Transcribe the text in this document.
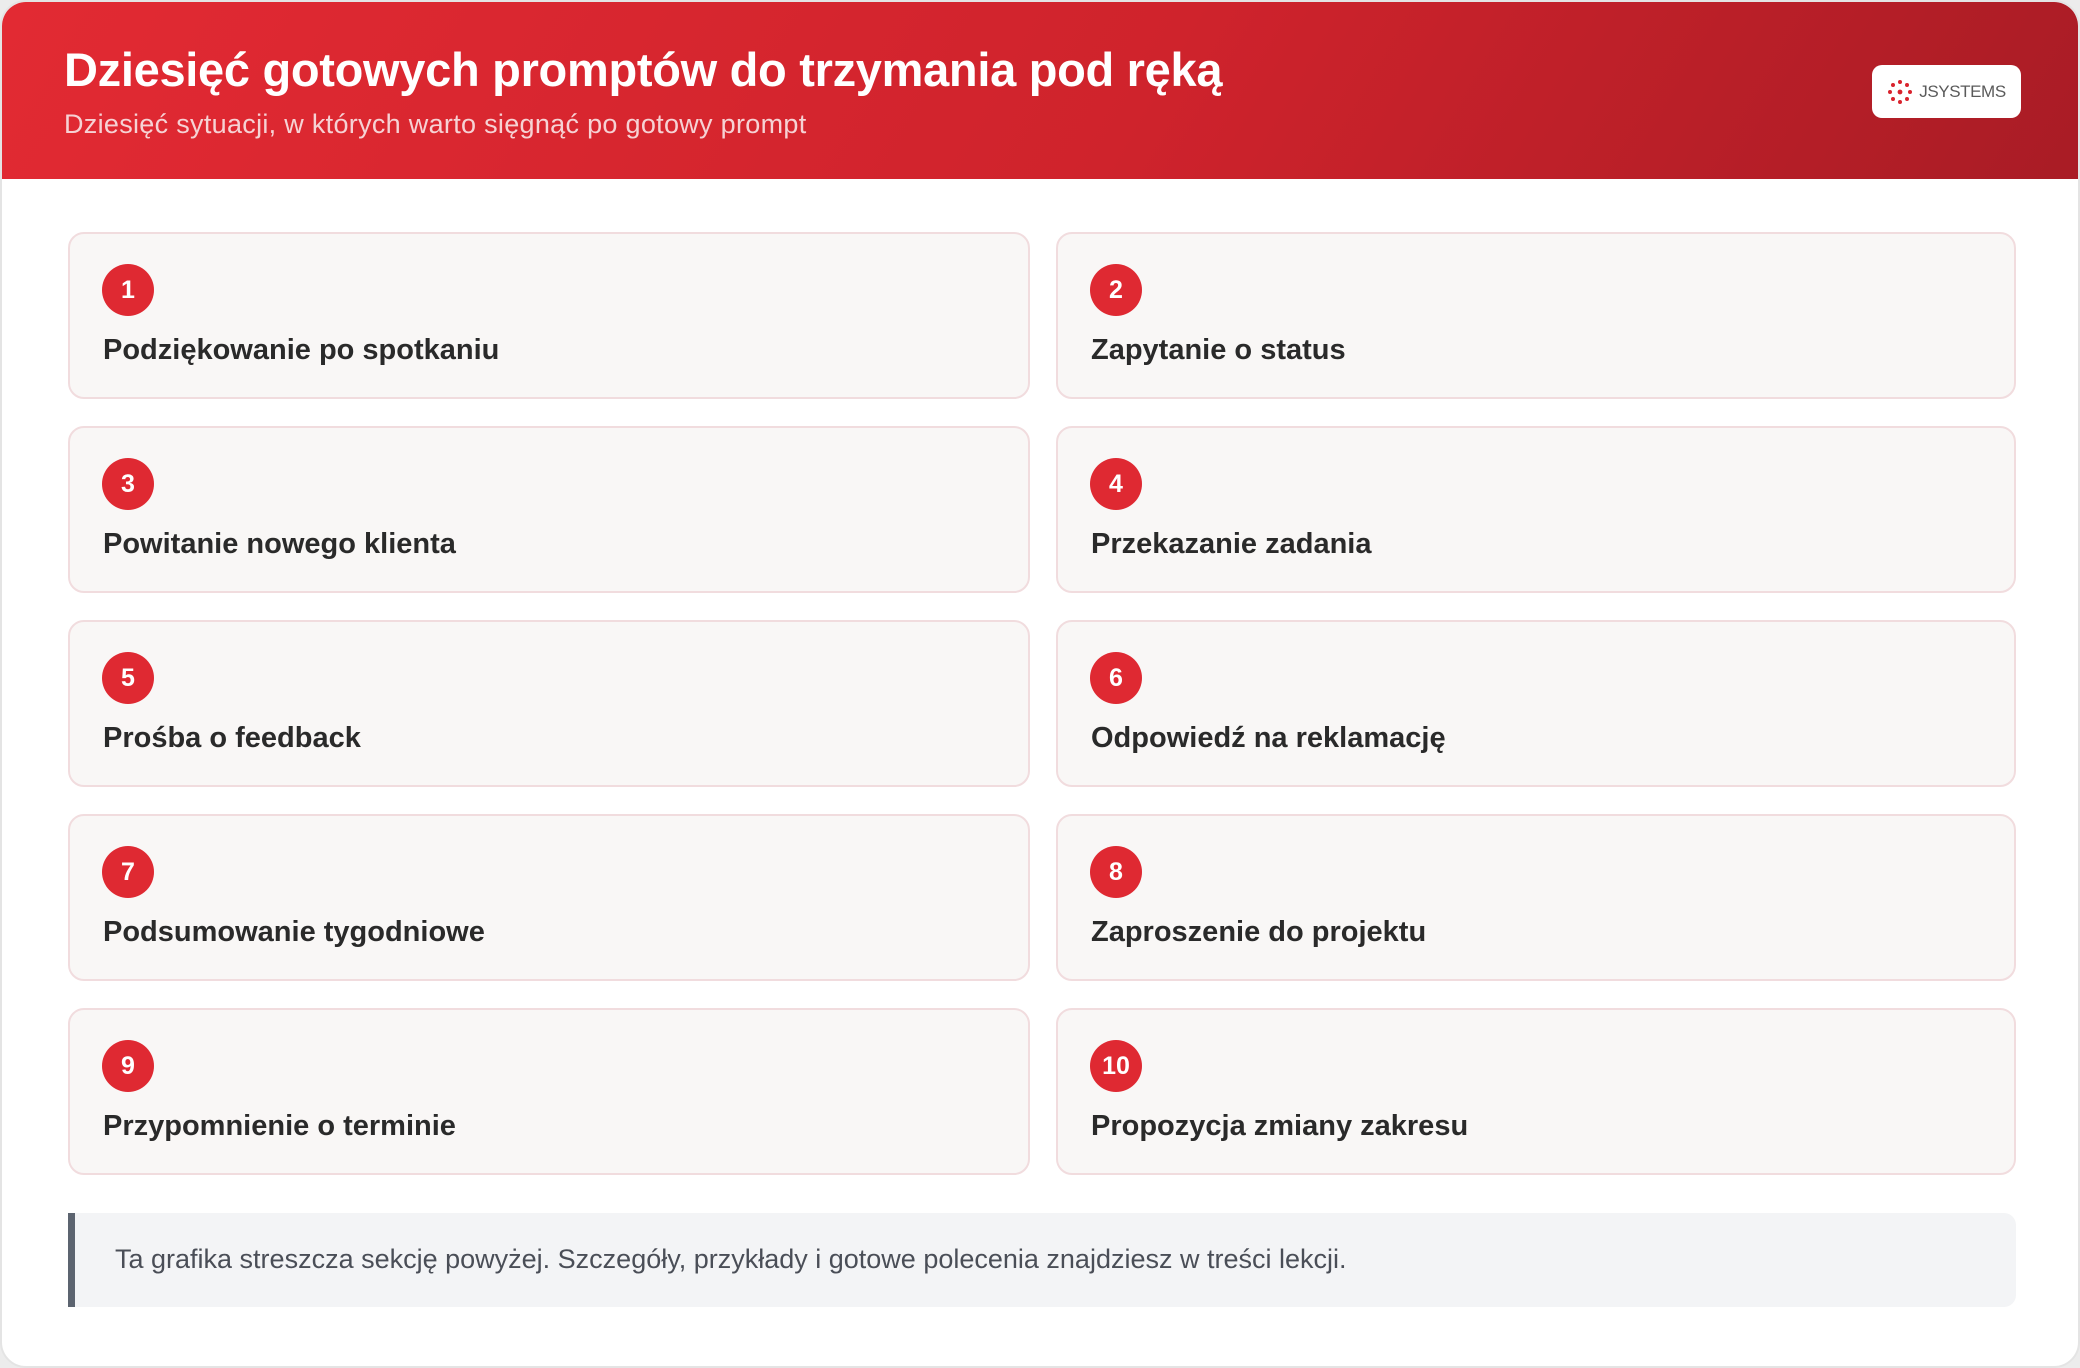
Dziesięć gotowych promptów do trzymania pod ręką
Dziesięć sytuacji, w których warto sięgnąć po gotowy prompt
JSYSTEMS
1
Podziękowanie po spotkaniu
2
Zapytanie o status
3
Powitanie nowego klienta
4
Przekazanie zadania
5
Prośba o feedback
6
Odpowiedź na reklamację
7
Podsumowanie tygodniowe
8
Zaproszenie do projektu
9
Przypomnienie o terminie
10
Propozycja zmiany zakresu
Ta grafika streszcza sekcję powyżej. Szczegóły, przykłady i gotowe polecenia znajdziesz w treści lekcji.
